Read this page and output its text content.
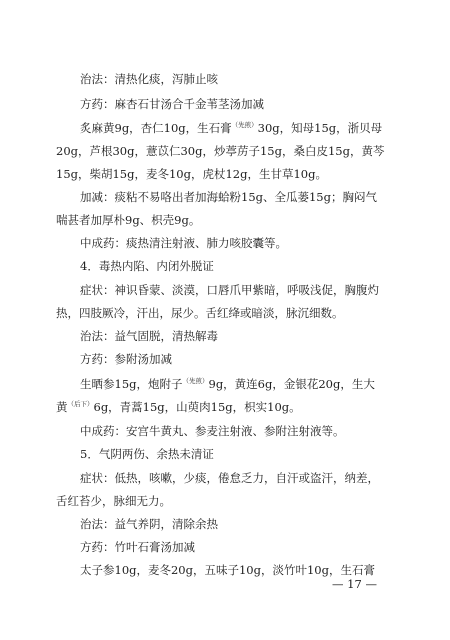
治法：清热化痰，泻肺止咳
方药：麻杏石甘汤合千金苇茎汤加减
炙麻黄9g，杏仁10g，生石膏$^{(先煎)}$30g，知母15g，浙贝母
20g，芦根30g，薏苡仁30g，炒葶苈子15g，桑白皮15g，黄芩
15g，柴胡15g，麦冬10g，虎杖12g，生甘草10g。
加减：痰粘不易咯出者加海蛤粉15g、全瓜蒌15g；胸闷气
喘甚者加厚朴9g、枳壳9g。
中成药：痰热清注射液、肺力咳胶囊等。
4．毒热内陷、内闭外脱证
症状：神识昏蒙、淡漠，口唇爪甲紫暗，呼吸浅促，胸腹灼
热，四肢厥冷，汗出，尿少。舌红绛或暗淡，脉沉细数。
治法：益气固脱，清热解毒
方药：参附汤加减
生晒参15g，炮附子$^{(先煎)}$9g，黄连6g，金银花20g，生大
黄$^{(后下)}$6g，青蒿15g，山萸肉15g，枳实10g。
中成药：安宫牛黄丸、参麦注射液、参附注射液等。
5．气阴两伤、余热未清证
症状：低热，咳嗽，少痰，倦怠乏力，自汗或盗汗，纳差，
舌红苔少，脉细无力。
治法：益气养阴，清除余热
方药：竹叶石膏汤加减
太子参10g，麦冬20g，五味子10g，淡竹叶10g，生石膏
— 17 —
